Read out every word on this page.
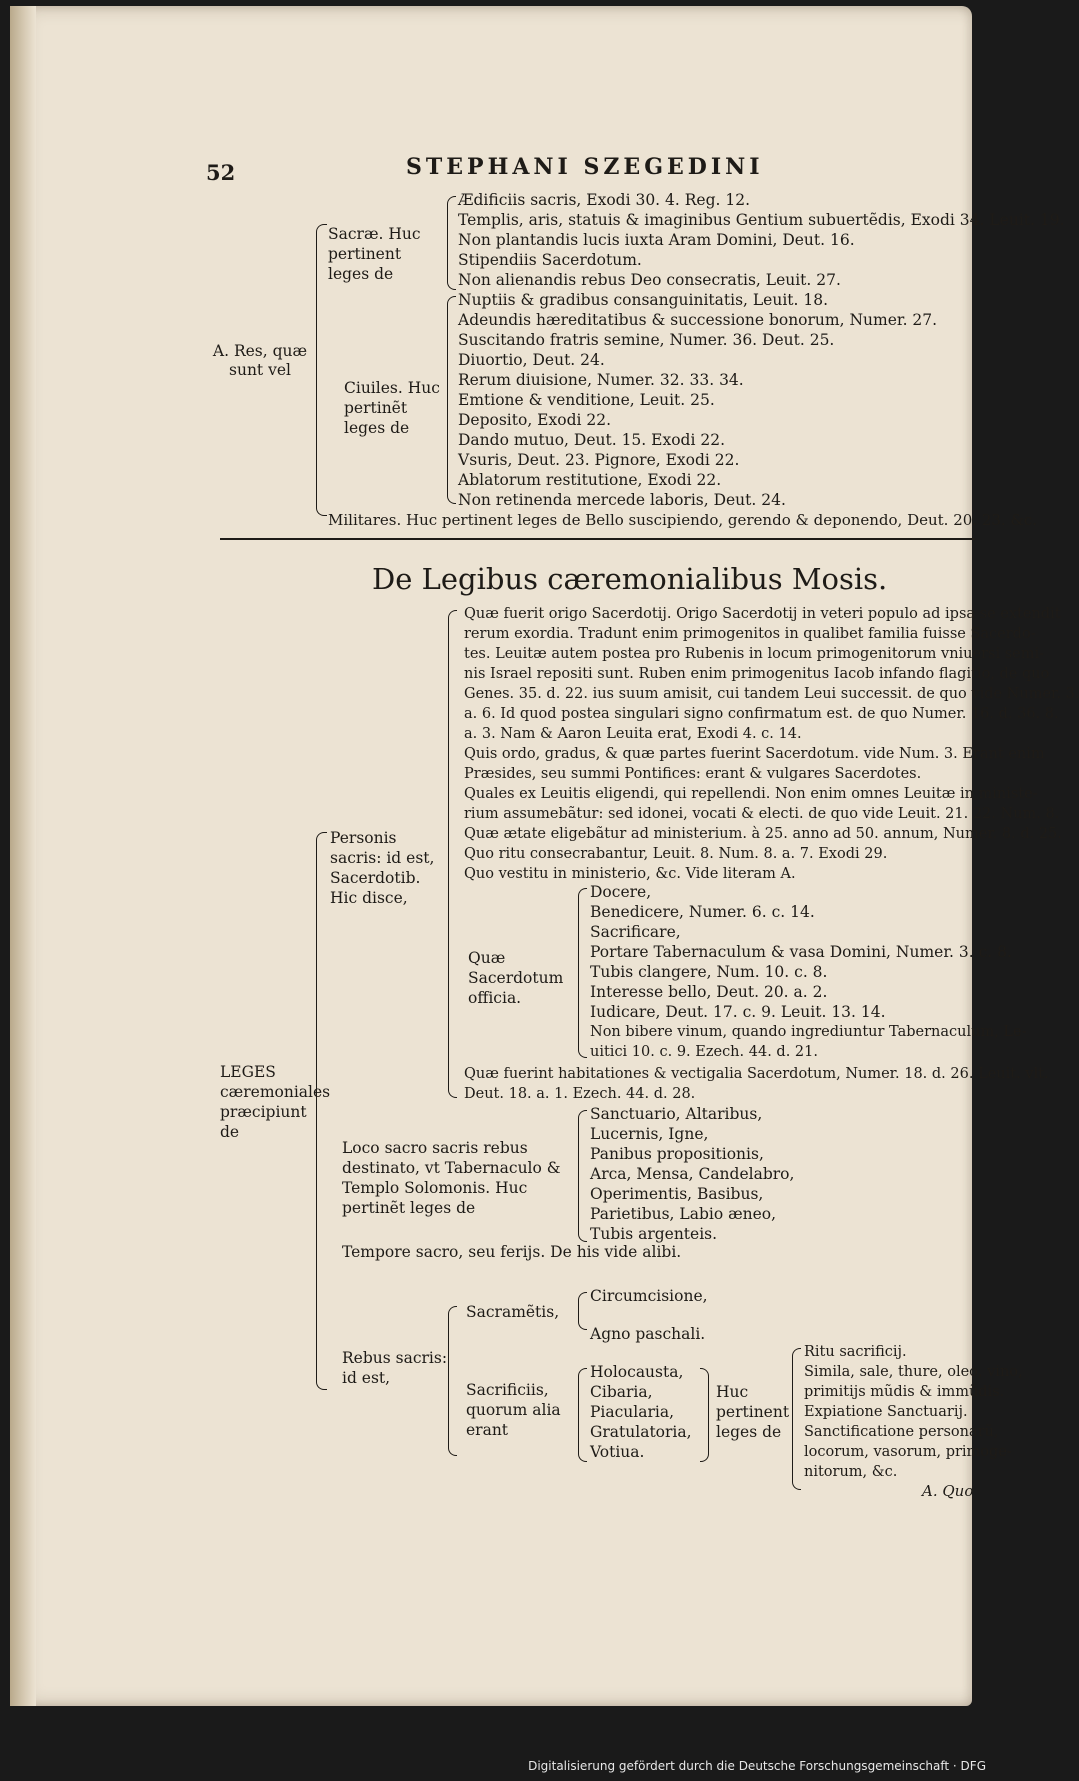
52	STEPHANI SZEGEDINI
A. Res, quæ sunt vel
Sacræ. Huc pertinent leges de
Ædificiis sacris, Exodi 30. 4. Reg. 12.
Templis, aris, statuis & imaginibus Gentium subuertẽdis, Exodi 34. Leuit. 19.
Non plantandis lucis iuxta Aram Domini, Deut. 16.
Stipendiis Sacerdotum.
Non alienandis rebus Deo consecratis, Leuit. 27.
Ciuiles. Huc pertinẽt leges de
Nuptiis & gradibus consanguinitatis, Leuit. 18.
Adeundis hæreditatibus & successione bonorum, Numer. 27.
Suscitando fratris semine, Numer. 36. Deut. 25.
Diuortio, Deut. 24.
Rerum diuisione, Numer. 32. 33. 34.
Emtione & venditione, Leuit. 25.
Deposito, Exodi 22.
Dando mutuo, Deut. 15. Exodi 22.
Vsuris, Deut. 23. Pignore, Exodi 22.
Ablatorum restitutione, Exodi 22.
Non retinenda mercede laboris, Deut. 24.
Militares. Huc pertinent leges de Bello suscipiendo, gerendo & deponendo, Deut. 20. 23. &c.
De Legibus cæremonialibus Mosis.
LEGES cæremoniales præcipiunt de
Personis sacris: id est, Sacerdotib. Hic disce,
Quæ fuerit origo Sacerdotij. Origo Sacerdotij in veteri populo ad ipsa se extendit
rerum exordia. Tradunt enim primogenitos in qualibet familia fuisse Sacerdo-
tes. Leuitæ autem postea pro Rubenis in locum primogenitorum vniuersi semi-
nis Israel repositi sunt. Ruben enim primogenitus Iacob infando flagitio, de quo
Genes. 35. d. 22. ius suum amisit, cui tandem Leui successit. de quo vide Numer. 3.
a. 6. Id quod postea singulari signo confirmatum est. de quo Numer. 16. d. 36. 8.
a. 3. Nam & Aaron Leuita erat, Exodi 4. c. 14.
Quis ordo, gradus, & quæ partes fuerint Sacerdotum. vide Num. 3. Erant enim
Præsides, seu summi Pontifices: erant & vulgares Sacerdotes.
Quales ex Leuitis eligendi, qui repellendi. Non enim omnes Leuitæ in ministe-
rium assumebãtur: sed idonei, vocati & electi. de quo vide Leuit. 21. 22. Num. 8.
Quæ ætate eligebãtur ad ministerium. à 25. anno ad 50. annum, Numer. 8. d. 25.
Quo ritu consecrabantur, Leuit. 8. Num. 8. a. 7. Exodi 29.
Quo vestitu in ministerio, &c. Vide literam A.
Quæ Sacerdotum officia.
Docere,
Benedicere, Numer. 6. c. 14.
Sacrificare,
Portare Tabernaculum & vasa Domini, Numer. 3. c. 8.
Tubis clangere, Num. 10. c. 8.
Interesse bello, Deut. 20. a. 2.
Iudicare, Deut. 17. c. 9. Leuit. 13. 14.
Non bibere vinum, quando ingrediuntur Tabernaculum, Le-
uitici 10. c. 9. Ezech. 44. d. 21.
Quæ fuerint habitationes & vectigalia Sacerdotum, Numer. 18. d. 26. Leuit. vlt.
Deut. 18. a. 1. Ezech. 44. d. 28.
Loco sacro sacris rebus destinato, vt Tabernaculo & Templo Solomonis. Huc pertinẽt leges de
Sanctuario, Altaribus,
Lucernis, Igne,
Panibus propositionis,
Arca, Mensa, Candelabro,
Operimentis, Basibus,
Parietibus, Labio æneo,
Tubis argenteis.
Tempore sacro, seu ferijs. De his vide alibi.
Rebus sacris: id est,
Sacramẽtis,
Circumcisione,
Agno paschali.
Sacrificiis, quorum alia erant
Holocausta,
Cibaria,
Piacularia,
Gratulatoria,
Votiua.
Huc pertinent leges de
Ritu sacrificij.
Simila, sale, thure, oleo, vino,
primitijs mũdis & immũdis.
Expiatione Sanctuarij.
Sanctificatione personarũ,
locorum, vasorum, primoge-
nitorum, &c.
A. Quo
Digitalisierung gefördert durch die Deutsche Forschungsgemeinschaft · DFG
